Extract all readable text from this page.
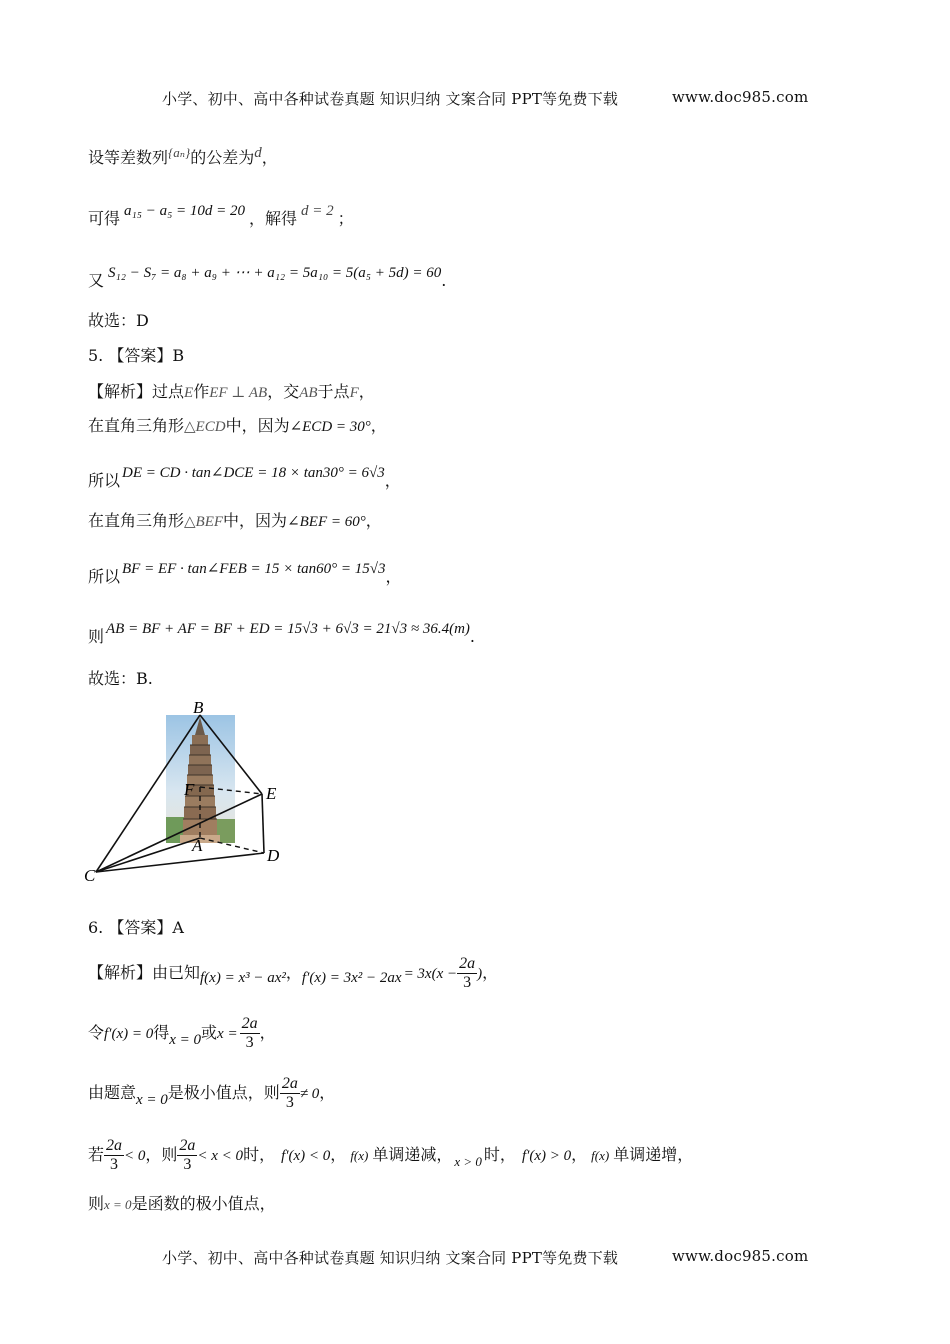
小学、初中、高中各种试卷真题 知识归纳 文案合同 PPT等免费下载	www.doc985.com
设等差数列$^{\{a_n\}}$的公差为d，
可得 a₁₅ − a₅ = 10d = 20 ，解得 d = 2 ；
又 S₁₂ − S₇ = a₈ + a₉ + ⋯ + a₁₂ = 5a₁₀ = 5(a₅ + 5d) = 60.
故选：D
5. 【答案】B
【解析】过点E作EF ⊥ AB，交AB于点F，
在直角三角形△ECD中，因为∠ECD = 30°，
所以 DE = CD · tan∠DCE = 18 × tan30° = 6√3，
在直角三角形△BEF中，因为∠BEF = 60°，
所以 BF = EF · tan∠FEB = 15 × tan60° = 15√3，
则 AB = BF + AF = BF + ED = 15√3 + 6√3 = 21√3 ≈ 36.4(m).
故选：B.
B
F	E
A
C
D
6. 【答案】A
【解析】由已知f(x) = x³ − ax²，$f'(x) = 3x^2 - 2ax = 3x(x - \frac{2a}{3}$ )，
令f′(x) = 0得x = 0或$x = \frac{2a}{3}$ ，
由题意x = 0是极小值点，则 $\frac{2a}{3} \ne 0$，
若 $\frac{2a}{3} < 0$，则 $\frac{2a}{3} < x < 0$时， f′(x) < 0， f(x) 单调递减， $_{x > 0}$ 时， f′(x) > 0， f(x) 单调递增，
则x = 0是函数的极小值点，
小学、初中、高中各种试卷真题 知识归纳 文案合同 PPT等免费下载	www.doc985.com
